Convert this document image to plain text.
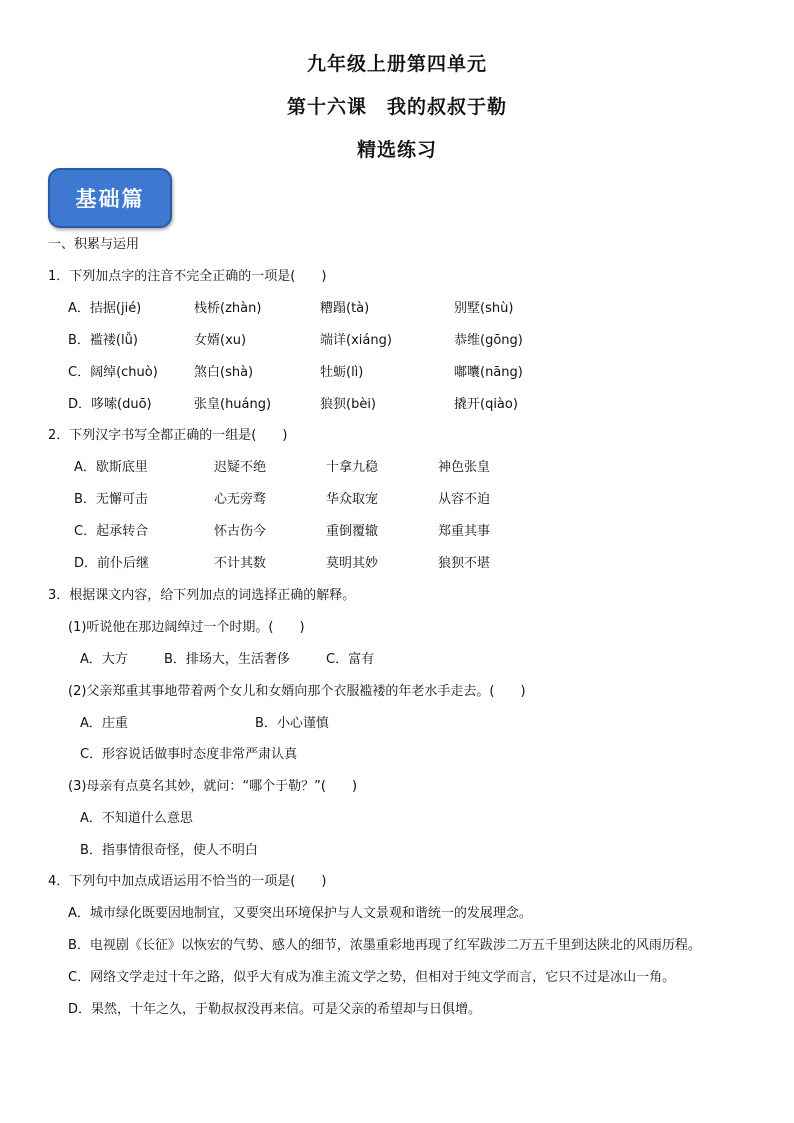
九年级上册第四单元
第十六课　我的叔叔于勒
精选练习
基础篇
一、积累与运用
1．下列加点字的注音不完全正确的一项是(　　)
A．拮据(jié)	栈桥(zhàn)	糟蹋(tà)	别墅(shù)
B．褴褛(lǚ)	女婿(xu)	端详(xiáng)	恭维(gōng)
C．阔绰(chuò)	煞白(shà)	牡蛎(lì)	嘟囔(nāng)
D．哆嗦(duō)	张皇(huáng)	狼狈(bèi)	撬开(qiào)
2．下列汉字书写全都正确的一组是(　　)
A．歇斯底里	迟疑不绝	十拿九稳	神色张皇
B．无懈可击	心无旁骛	华众取宠	从容不迫
C．起承转合	怀古伤今	重倒覆辙	郑重其事
D．前仆后继	不计其数	莫明其妙	狼狈不堪
3．根据课文内容，给下列加点的词选择正确的解释。
(1)听说他在那边阔绰过一个时期。(　　)
A．大方	B．排场大，生活奢侈	C．富有
(2)父亲郑重其事地带着两个女儿和女婿向那个衣服褴褛的年老水手走去。(　　)
A．庄重	B．小心谨慎
C．形容说话做事时态度非常严肃认真
(3)母亲有点莫名其妙，就问：“哪个于勒？”(　　)
A．不知道什么意思
B．指事情很奇怪，使人不明白
4．下列句中加点成语运用不恰当的一项是(　　)
A．城市绿化既要因地制宜，又要突出环境保护与人文景观和谐统一的发展理念。
B．电视剧《长征》以恢宏的气势、感人的细节，浓墨重彩地再现了红军跋涉二万五千里到达陕北的风雨历程。
C．网络文学走过十年之路，似乎大有成为准主流文学之势，但相对于纯文学而言，它只不过是冰山一角。
D．果然，十年之久，于勒叔叔没再来信。可是父亲的希望却与日俱增。
